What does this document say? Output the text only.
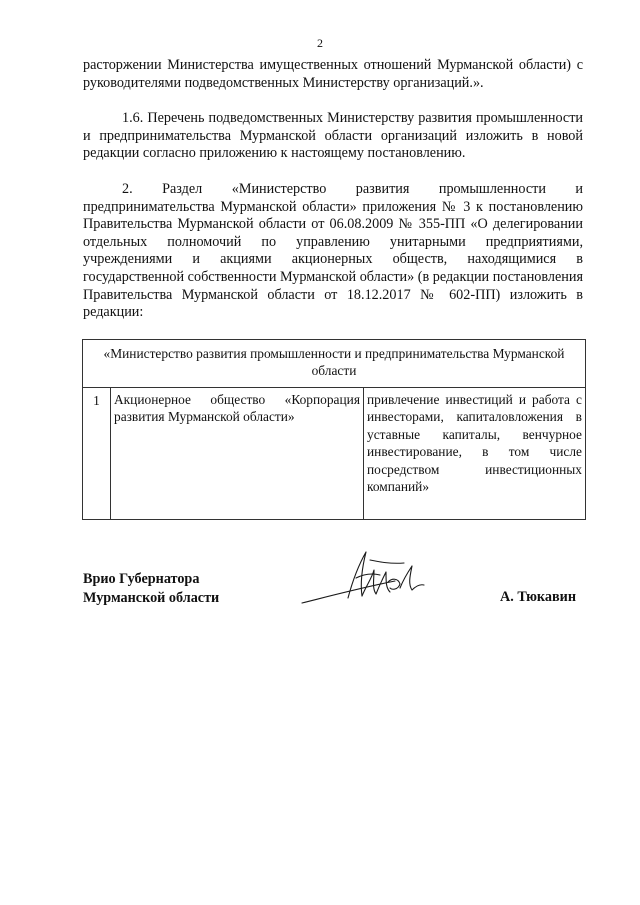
2

расторжении Министерства имущественных отношений Мурманской области) с руководителями подведомственных Министерству организаций.».

1.6. Перечень подведомственных Министерству развития промышленности и предпринимательства Мурманской области организаций изложить в новой редакции согласно приложению к настоящему постановлению.

2. Раздел «Министерство развития промышленности и предпринимательства Мурманской области» приложения № 3 к постановлению Правительства Мурманской области от 06.08.2009 № 355-ПП «О делегировании отдельных полномочий по управлению унитарными предприятиями, учреждениями и акциями акционерных обществ, находящимися в государственной собственности Мурманской области» (в редакции постановления Правительства Мурманской области от 18.12.2017 № 602-ПП) изложить в редакции:

«Министерство развития промышленности и предпринимательства Мурманской области
1	Акционерное общество «Корпорация развития Мурманской области»	привлечение инвестиций и работа с инвесторами, капиталовложения в уставные капиталы, венчурное инвестирование, в том числе посредством инвестиционных компаний»
Врио Губернатора
Мурманской области	А. Тюкавин
